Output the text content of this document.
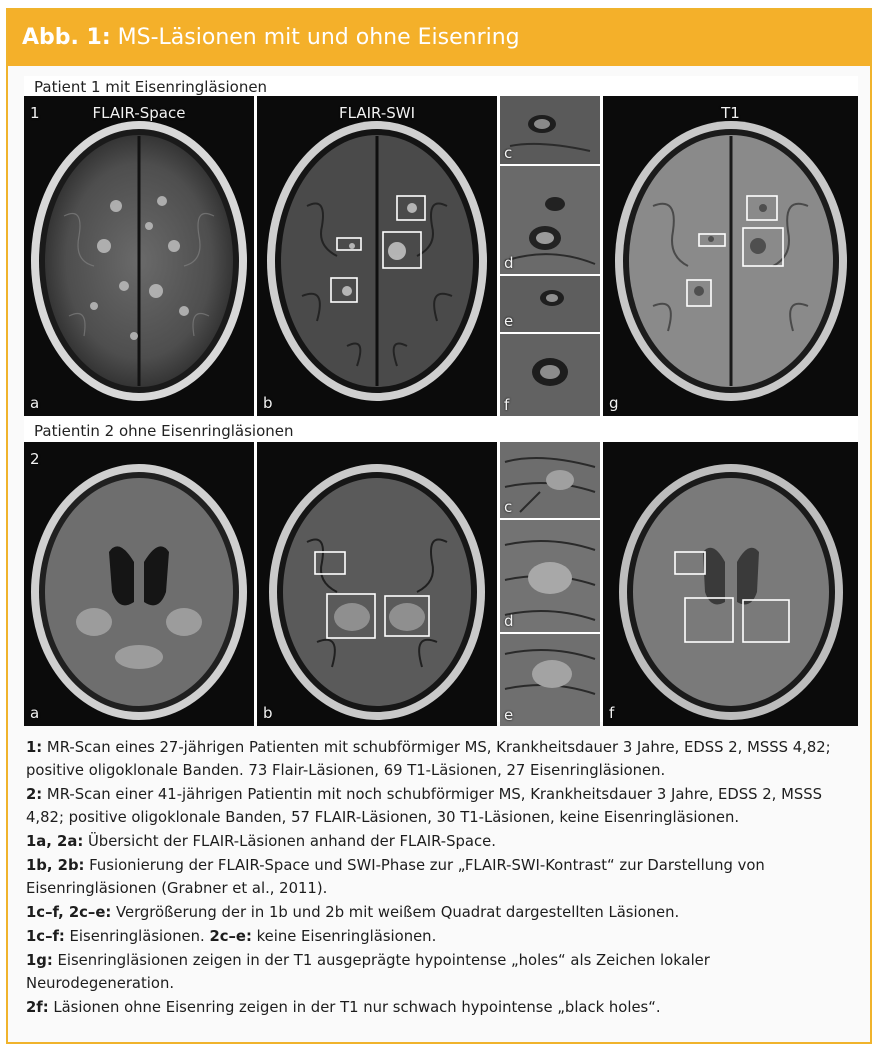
Abb. 1: MS-Läsionen mit und ohne Eisenring
Patient 1 mit Eisenringläsionen
1	FLAIR-Space
a
FLAIR-SWI
b
c
d
e
f
T1
g
Patientin 2 ohne Eisenringläsionen
2
a	b
c
d
e	f

1: MR-Scan eines 27-jährigen Patienten mit schubförmiger MS, Krankheitsdauer 3 Jahre, EDSS 2, MSSS 4,82; positive oligoklonale Banden. 73 Flair-Läsionen, 69 T1-Läsionen, 27 Eisenringläsionen.

2: MR-Scan einer 41-jährigen Patientin mit noch schubförmiger MS, Krankheitsdauer 3 Jahre, EDSS 2, MSSS 4,82; positive oligoklonale Banden, 57 FLAIR-Läsionen, 30 T1-Läsionen, keine Eisenringläsionen.

1a, 2a: Übersicht der FLAIR-Läsionen anhand der FLAIR-Space.

1b, 2b: Fusionierung der FLAIR-Space und SWI-Phase zur „FLAIR-SWI-Kontrast“ zur Darstellung von Eisenringläsionen (Grabner et al., 2011).

1c–f, 2c–e: Vergrößerung der in 1b und 2b mit weißem Quadrat dargestellten Läsionen.

1c–f: Eisenringläsionen. 2c–e: keine Eisenringläsionen.

1g: Eisenringläsionen zeigen in der T1 ausgeprägte hypointense „holes“ als Zeichen lokaler Neurodegeneration.

2f: Läsionen ohne Eisenring zeigen in der T1 nur schwach hypointense „black holes“.
